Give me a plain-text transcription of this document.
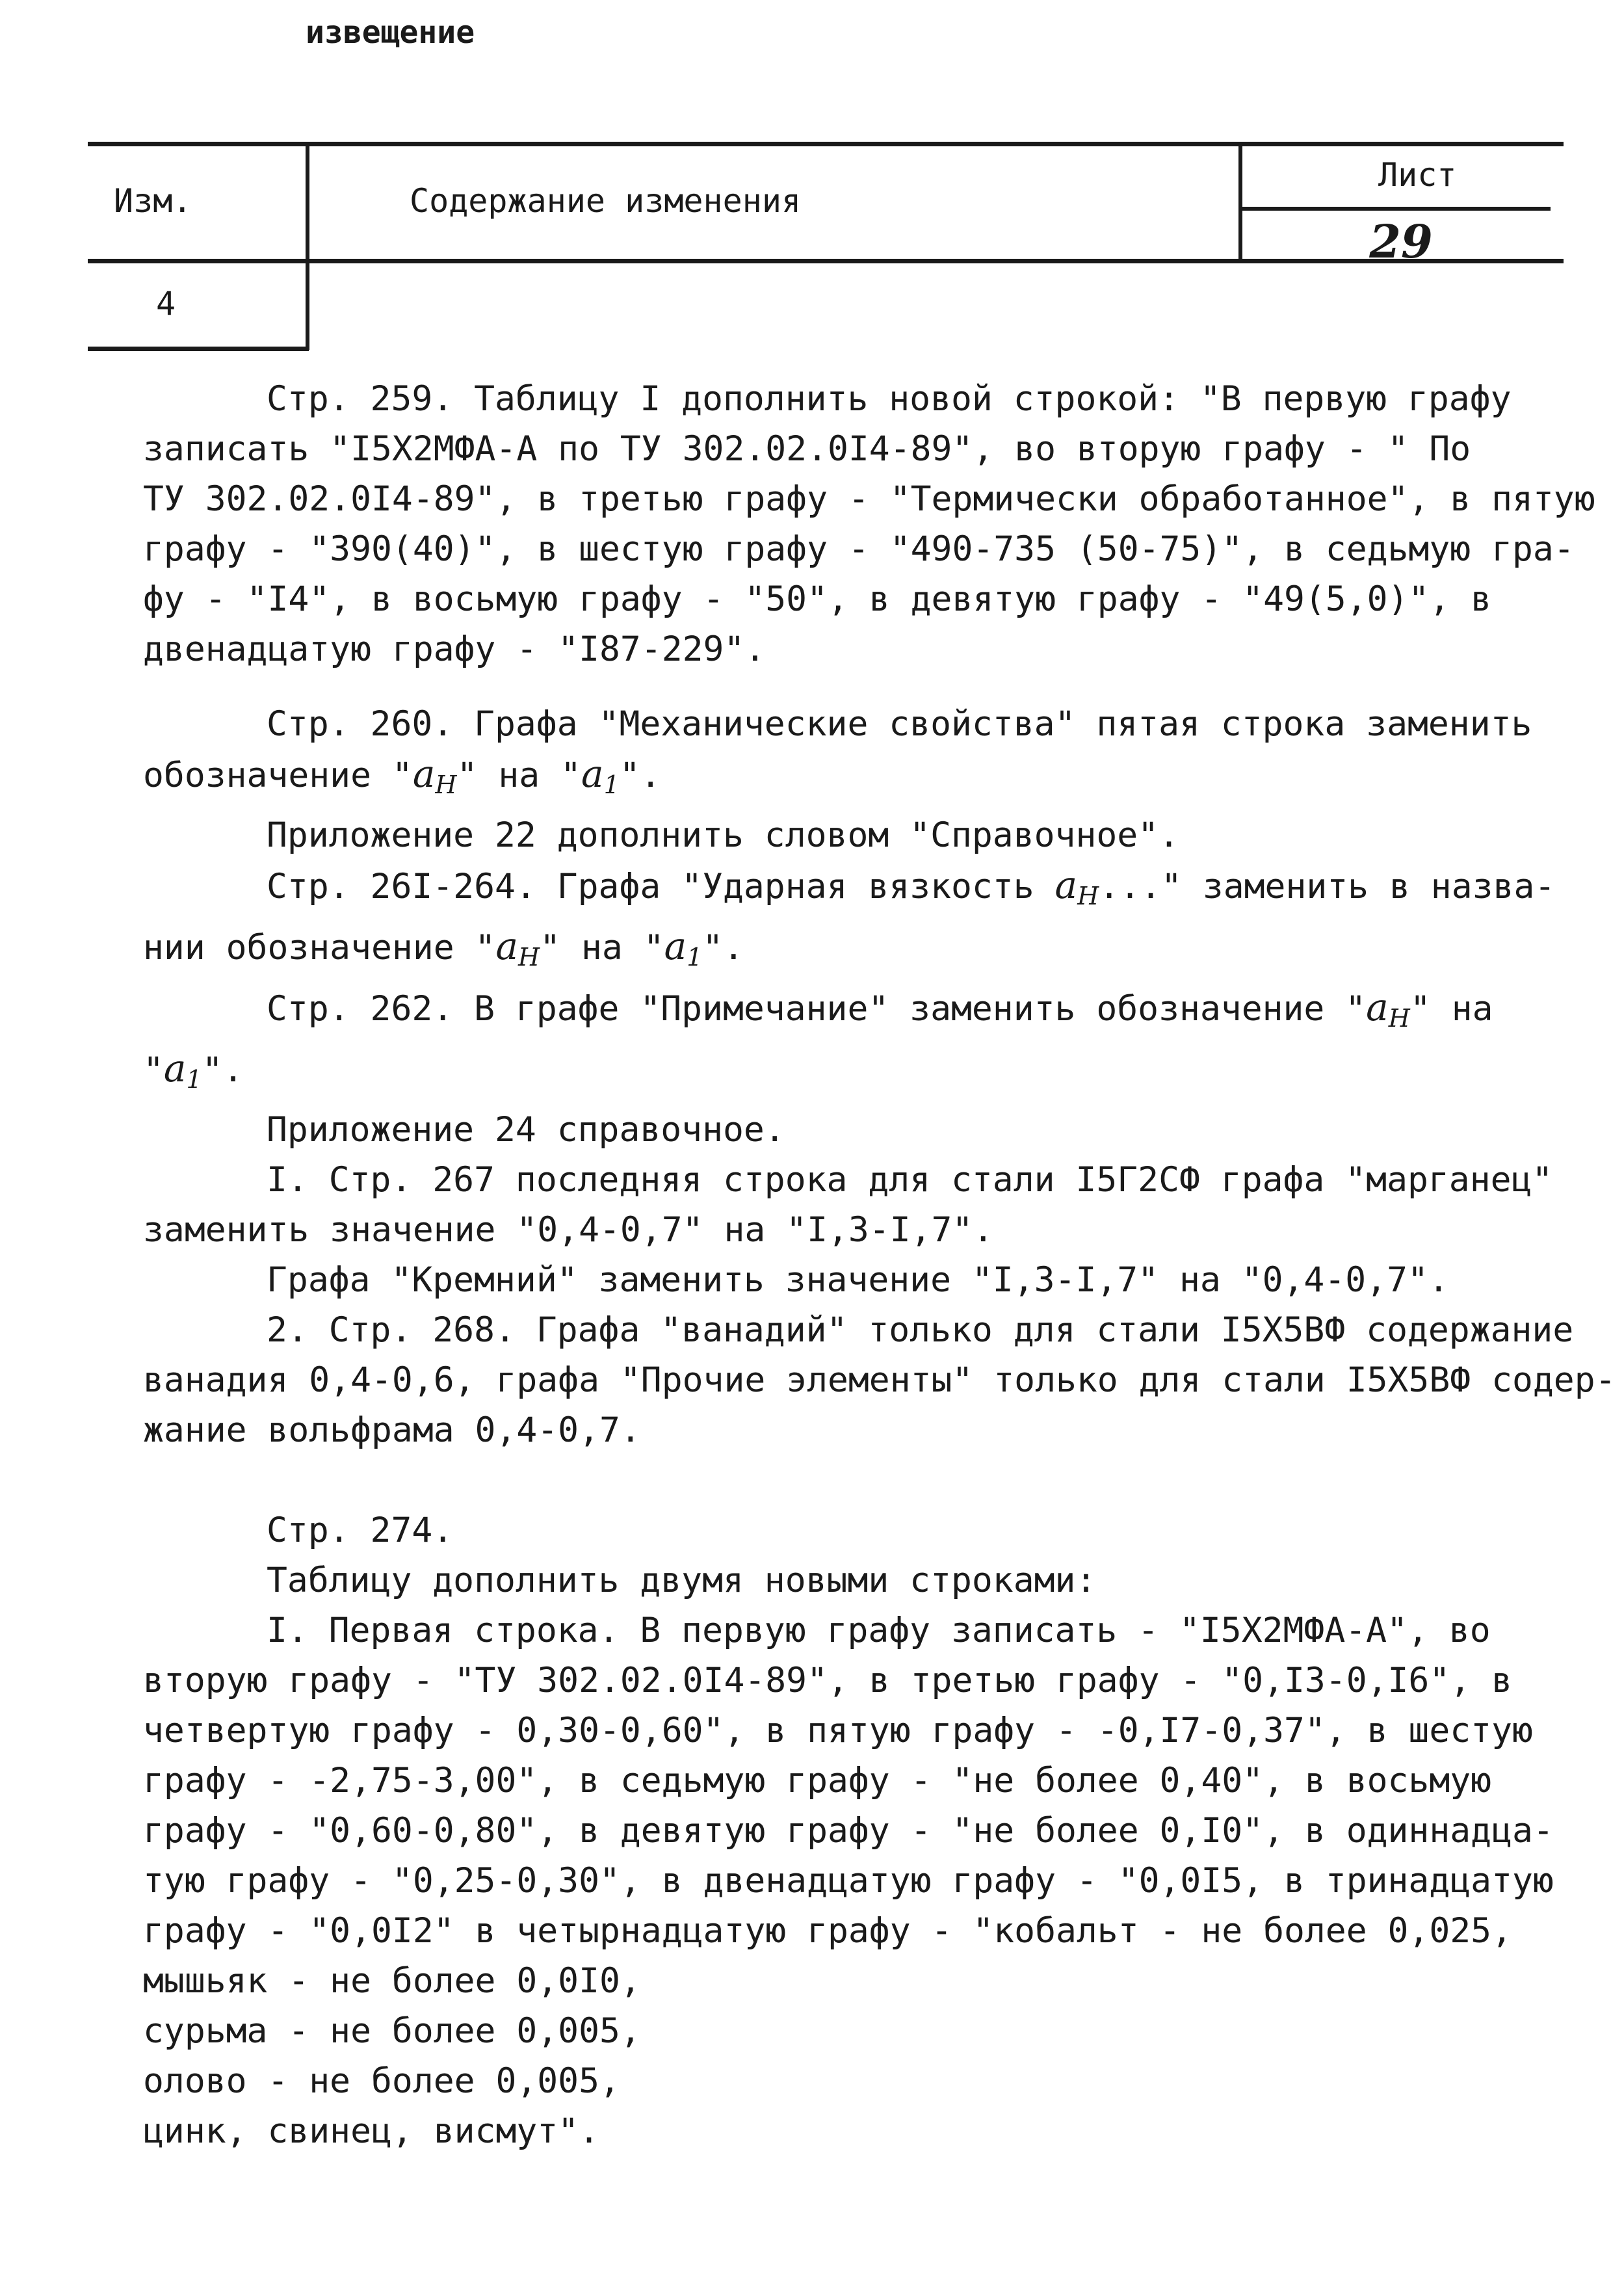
извещение
Изм.	Содержание изменения
Лист
29
4

Стр. 259. Таблицу I дополнить новой строкой: "В первую графу

записать "I5X2МФА-А по ТУ 302.02.0I4-89", во вторую графу - " По

ТУ 302.02.0I4-89", в третью графу - "Термически обработанное", в пятую

графу - "390(40)", в шестую графу - "490-735 (50-75)", в седьмую гра-

фу - "I4", в восьмую графу - "50", в девятую графу - "49(5,0)", в

двенадцатую графу - "I87-229".

Стр. 260. Графа "Механические свойства" пятая строка заменить

обозначение "$a_H$" на "$a_1$".

Приложение 22 дополнить словом "Справочное".

Стр. 26I-264. Графа "Ударная вязкость $a_H$..." заменить в назва-

нии обозначение "$a_H$" на "$a_1$".

Стр. 262. В графе "Примечание" заменить обозначение "$a_H$" на

"$a_1$".

Приложение 24 справочное.

I. Стр. 267 последняя строка для стали I5Г2СФ графа "марганец"

заменить значение "0,4-0,7" на "I,3-I,7".

Графа "Кремний" заменить значение "I,3-I,7" на "0,4-0,7".

2. Стр. 268. Графа "ванадий" только для стали I5X5ВФ содержание

ванадия 0,4-0,6, графа "Прочие элементы" только для стали I5X5ВФ содер-

жание вольфрама 0,4-0,7.

Стр. 274.

Таблицу дополнить двумя новыми строками:

I. Первая строка. В первую графу записать - "I5X2МФА-А", во

вторую графу - "ТУ 302.02.0I4-89", в третью графу - "0,I3-0,I6", в

четвертую графу - 0,30-0,60", в пятую графу - -0,I7-0,37", в шестую

графу - -2,75-3,00", в седьмую графу - "не более 0,40", в восьмую

графу - "0,60-0,80", в девятую графу - "не более 0,I0", в одиннадца-

тую графу - "0,25-0,30", в двенадцатую графу - "0,0I5, в тринадцатую

графу - "0,0I2" в четырнадцатую графу - "кобальт - не более 0,025,

мышьяк - не более 0,0I0,

сурьма - не более 0,005,

олово - не более 0,005,

цинк, свинец, висмут".
